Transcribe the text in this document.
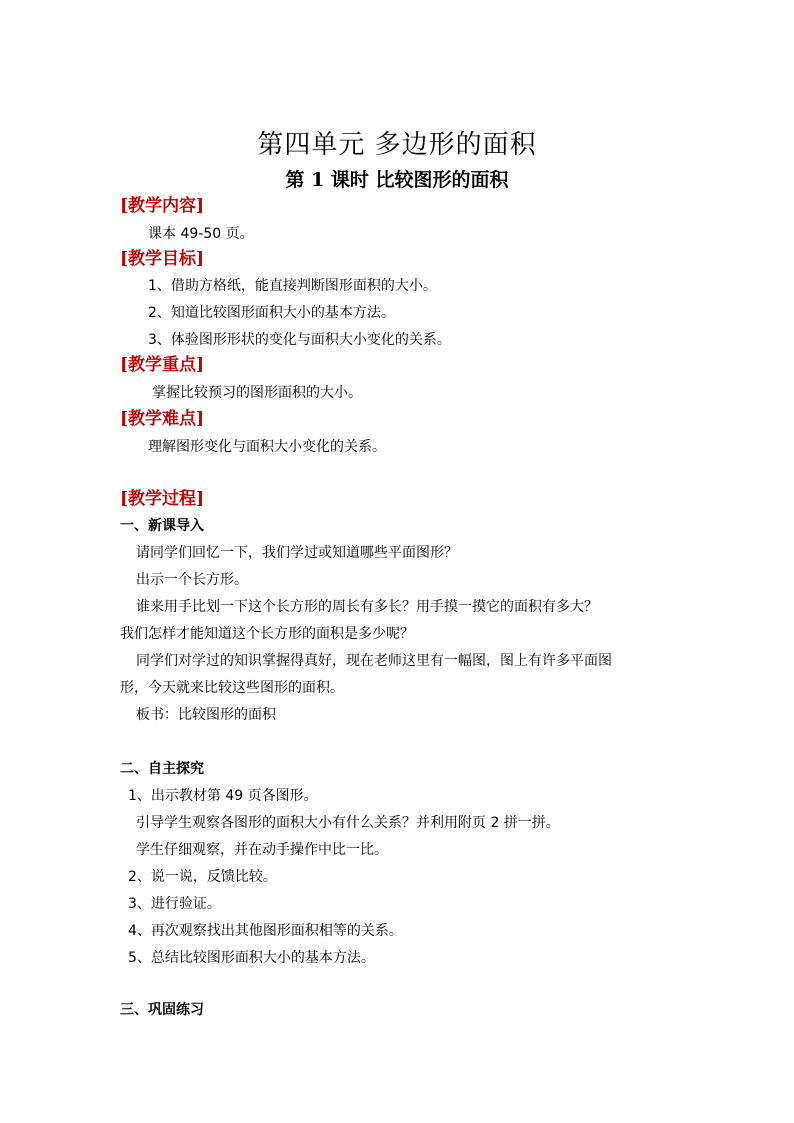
第四单元 多边形的面积
第 1 课时 比较图形的面积
[教学内容]
课本 49-50 页。
[教学目标]
1、借助方格纸，能直接判断图形面积的大小。
2、知道比较图形面积大小的基本方法。
3、体验图形形状的变化与面积大小变化的关系。
[教学重点]
掌握比较预习的图形面积的大小。
[教学难点]
理解图形变化与面积大小变化的关系。
[教学过程]
一、新课导入
请同学们回忆一下，我们学过或知道哪些平面图形？
出示一个长方形。
谁来用手比划一下这个长方形的周长有多长？用手摸一摸它的面积有多大？
我们怎样才能知道这个长方形的面积是多少呢？
同学们对学过的知识掌握得真好，现在老师这里有一幅图，图上有许多平面图
形，今天就来比较这些图形的面积。
板书：比较图形的面积
二、自主探究
1、出示教材第 49 页各图形。
引导学生观察各图形的面积大小有什么关系？并利用附页 2 拼一拼。
学生仔细观察，并在动手操作中比一比。
2、说一说，反馈比较。
3、进行验证。
4、再次观察找出其他图形面积相等的关系。
5、总结比较图形面积大小的基本方法。
三、巩固练习
